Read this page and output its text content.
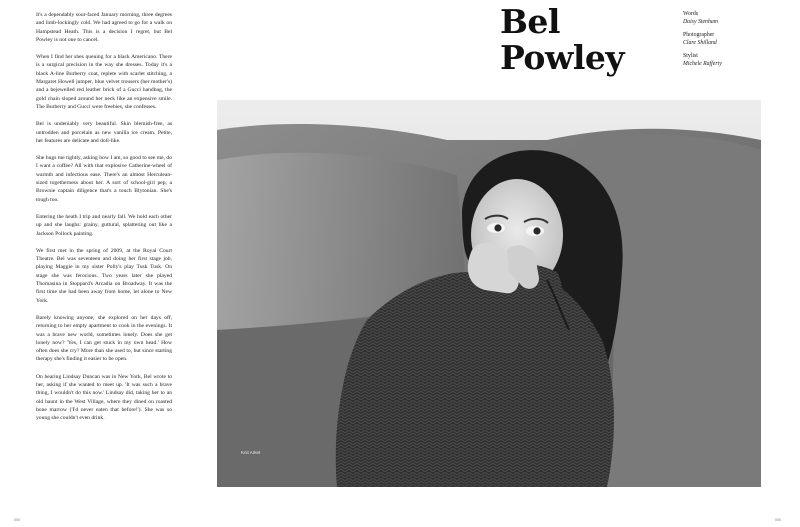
It's a dependably sour-faced January morning, three degrees and limb-lockingly cold. We had agreed to go for a walk on Hampstead Heath. This is a decision I regret, but Bel Powley is not one to cancel.

When I find her shes queuing for a black Americano. There is a surgical precision in the way she dresses. Today it's a black A-line Burberry coat, replete with scarlet stitching, a Margaret Howell jumper, blue velvet trousers (her mother's) and a bejewelled red leather brick of a Gucci handbag, the gold chain sloped around her neck like an expensive smile. The Burberry and Gucci were freebies, she confesses.

Bel is undeniably very beautiful. Skin blemish-free, as untrodden and porcelain as new vanilla ice cream. Petite, her features are delicate and doll-like.

She hugs me tightly, asking how I am, so good to see me, do I want a coffee? All with that explosive Catherine-wheel of warmth and infectious ease. There's an almost Herculean-sized togetherness about her. A sort of school-girl pep, a Brownie captain diligence that's a touch Blytonian. She's tough too.

Entering the heath I trip and nearly fall. We hold each other up and she laughs: grainy, guttural, splattering out like a Jackson Pollock painting.

We first met in the spring of 2009, at the Royal Court Theatre. Bel was seventeen and doing her first stage job, playing Maggie in my sister Polly's play Tusk Tusk. On stage she was ferocious. Two years later she played Thomasina in Stoppard's Arcadia on Broadway. It was the first time she had been away from home, let alone to New York.

Barely knowing anyone, she explored on her days off, returning to her empty apartment to cook in the evenings. It was a brave new world, sometimes lonely. Does she get lonely now? 'Yes, I can get stuck in my own head.' How often does she cry? More than she used to, but since starting therapy she's finding it easier to be open.

On hearing Lindsay Duncan was in New York, Bel wrote to her, asking if she wanted to meet up. 'It was such a brave thing, I wouldn't do this now.' Lindsay did, taking her to an old haunt in the West Village, where they dined on roasted bone marrow ('I'd never eaten that before!'). She was so young she couldn't even drink.

Bel
Powley
Words
Daisy Stenham
Photographer
Clare Shilland
Stylist
Michele Rafferty
Knit Arket
000	000
